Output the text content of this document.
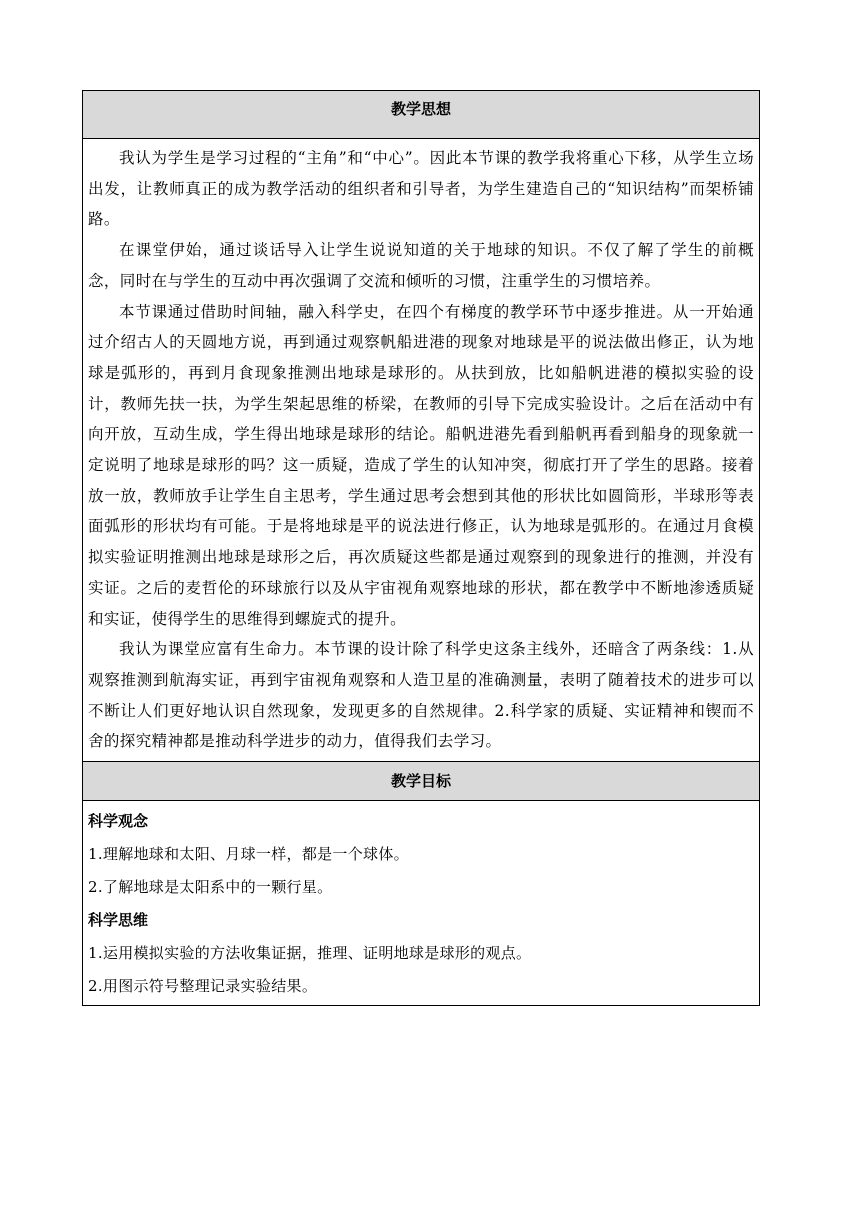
教学思想

我认为学生是学习过程的“主角”和“中心”。因此本节课的教学我将重心下移，从学生立场出发，让教师真正的成为教学活动的组织者和引导者，为学生建造自己的“知识结构”而架桥铺路。

在课堂伊始，通过谈话导入让学生说说知道的关于地球的知识。不仅了解了学生的前概念，同时在与学生的互动中再次强调了交流和倾听的习惯，注重学生的习惯培养。

本节课通过借助时间轴，融入科学史，在四个有梯度的教学环节中逐步推进。从一开始通过介绍古人的天圆地方说，再到通过观察帆船进港的现象对地球是平的说法做出修正，认为地球是弧形的，再到月食现象推测出地球是球形的。从扶到放，比如船帆进港的模拟实验的设计，教师先扶一扶，为学生架起思维的桥梁，在教师的引导下完成实验设计。之后在活动中有向开放，互动生成，学生得出地球是球形的结论。船帆进港先看到船帆再看到船身的现象就一定说明了地球是球形的吗？这一质疑，造成了学生的认知冲突，彻底打开了学生的思路。接着放一放，教师放手让学生自主思考，学生通过思考会想到其他的形状比如圆筒形，半球形等表面弧形的形状均有可能。于是将地球是平的说法进行修正，认为地球是弧形的。在通过月食模拟实验证明推测出地球是球形之后，再次质疑这些都是通过观察到的现象进行的推测，并没有实证。之后的麦哲伦的环球旅行以及从宇宙视角观察地球的形状，都在教学中不断地渗透质疑和实证，使得学生的思维得到螺旋式的提升。

我认为课堂应富有生命力。本节课的设计除了科学史这条主线外，还暗含了两条线：1.从观察推测到航海实证，再到宇宙视角观察和人造卫星的准确测量，表明了随着技术的进步可以不断让人们更好地认识自然现象，发现更多的自然规律。2.科学家的质疑、实证精神和锲而不舍的探究精神都是推动科学进步的动力，值得我们去学习。

教学目标

科学观念

1.理解地球和太阳、月球一样，都是一个球体。

2.了解地球是太阳系中的一颗行星。

科学思维

1.运用模拟实验的方法收集证据，推理、证明地球是球形的观点。

2.用图示符号整理记录实验结果。
